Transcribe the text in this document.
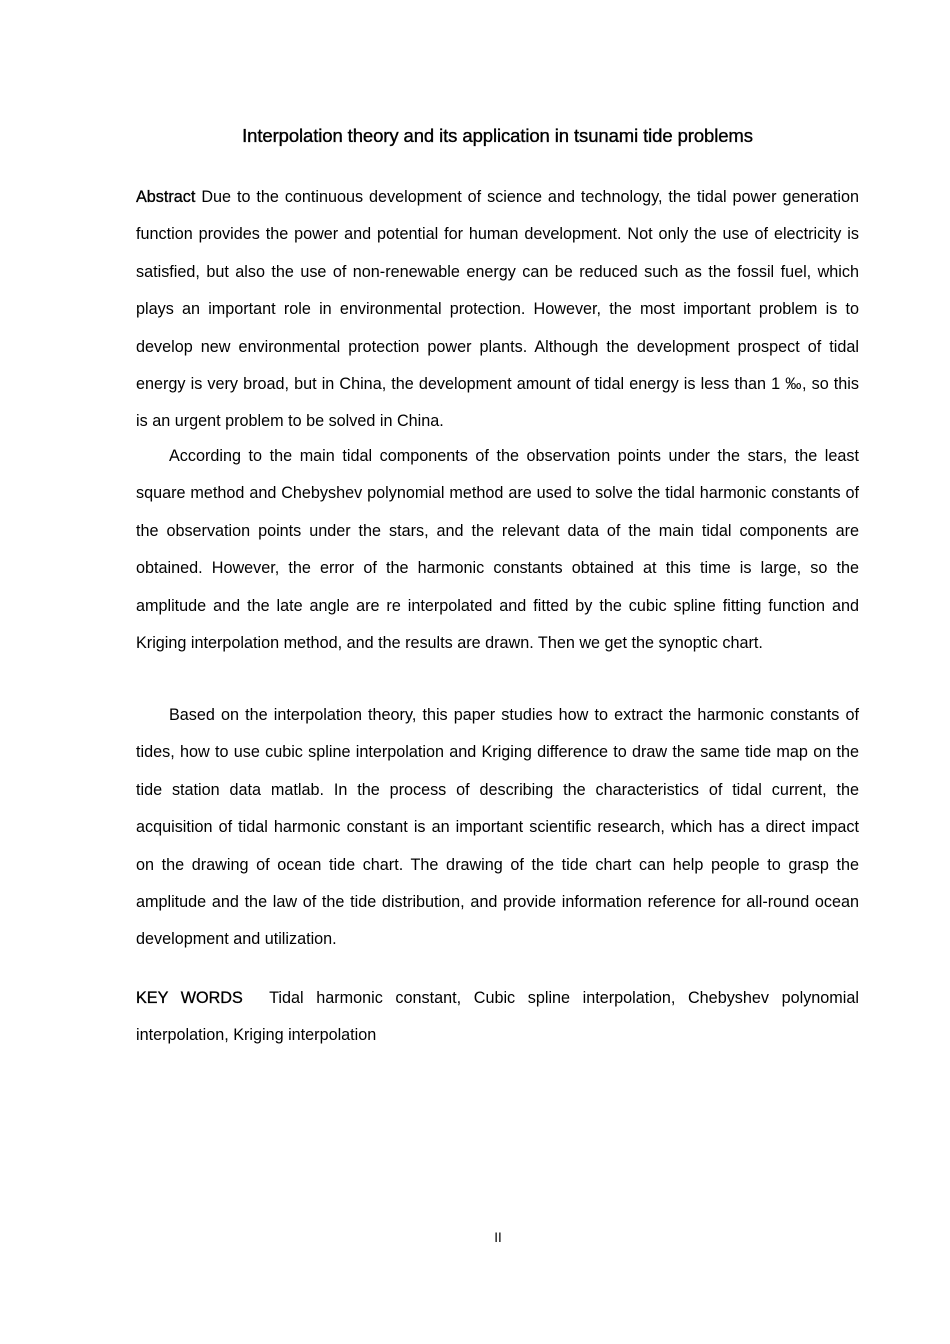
Interpolation theory and its application in tsunami tide problems

Abstract Due to the continuous development of science and technology, the tidal power generation function provides the power and potential for human development. Not only the use of electricity is satisfied, but also the use of non-renewable energy can be reduced such as the fossil fuel, which plays an important role in environmental protection. However, the most important problem is to develop new environmental protection power plants. Although the development prospect of tidal energy is very broad, but in China, the development amount of tidal energy is less than 1 ‰, so this is an urgent problem to be solved in China.

According to the main tidal components of the observation points under the stars, the least square method and Chebyshev polynomial method are used to solve the tidal harmonic constants of the observation points under the stars, and the relevant data of the main tidal components are obtained. However, the error of the harmonic constants obtained at this time is large, so the amplitude and the late angle are re interpolated and fitted by the cubic spline fitting function and Kriging interpolation method, and the results are drawn. Then we get the synoptic chart.

Based on the interpolation theory, this paper studies how to extract the harmonic constants of tides, how to use cubic spline interpolation and Kriging difference to draw the same tide map on the tide station data matlab. In the process of describing the characteristics of tidal current, the acquisition of tidal harmonic constant is an important scientific research, which has a direct impact on the drawing of ocean tide chart. The drawing of the tide chart can help people to grasp the amplitude and the law of the tide distribution, and provide information reference for all-round ocean development and utilization.

KEY WORDS Tidal harmonic constant, Cubic spline interpolation, Chebyshev polynomial interpolation, Kriging interpolation

II
